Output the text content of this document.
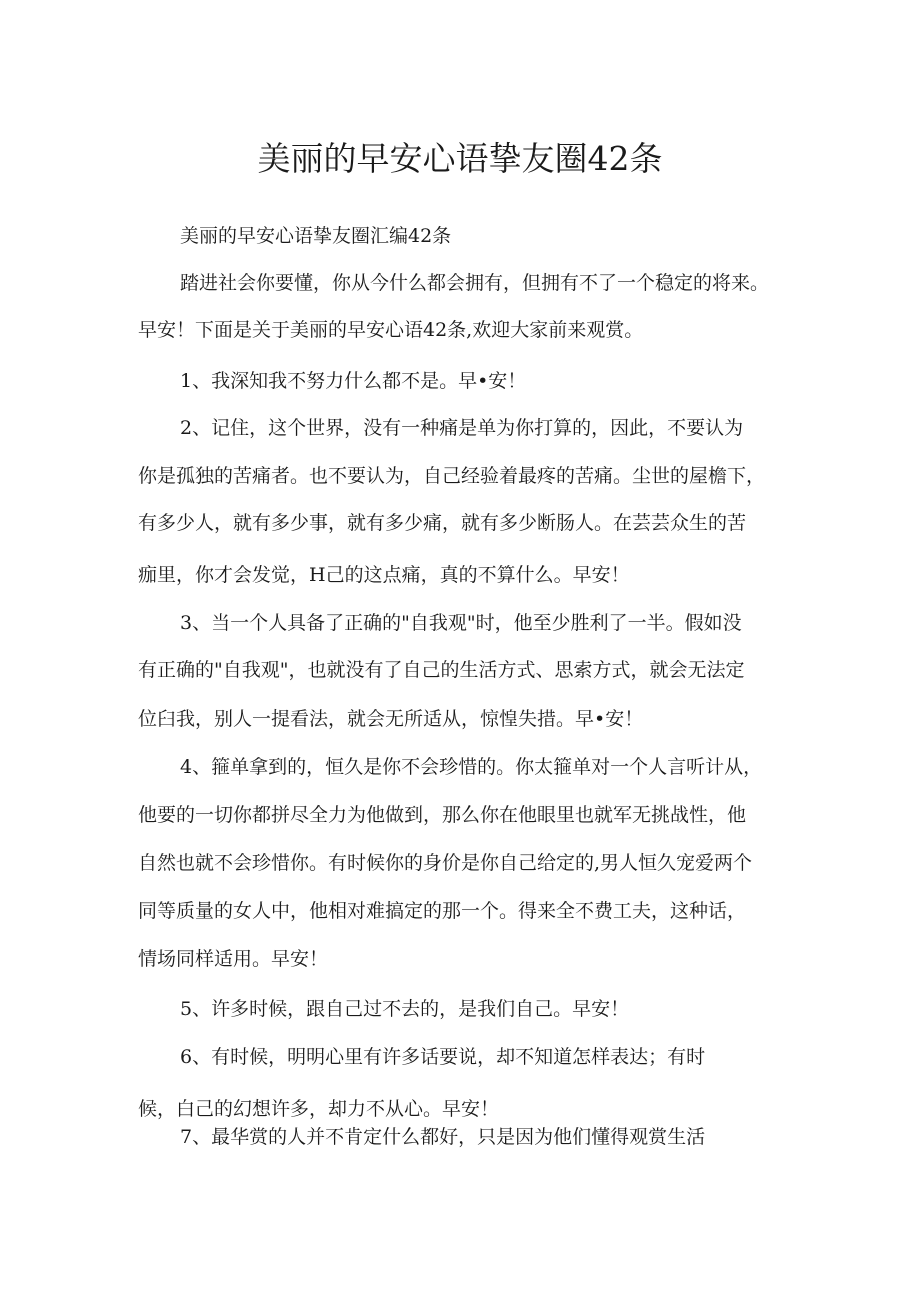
美丽的早安心语挚友圈42条
美丽的早安心语挚友圈汇编42条
踏进社会你要懂，你从今什么都会拥有，但拥有不了一个稳定的将来。
早安！下面是关于美丽的早安心语42条,欢迎大家前来观赏。
1、我深知我不努力什么都不是。早•安！
2、记住，这个世界，没有一种痛是单为你打算的，因此，不要认为
你是孤独的苦痛者。也不要认为，自己经验着最疼的苦痛。尘世的屋檐下，
有多少人，就有多少事，就有多少痛，就有多少断肠人。在芸芸众生的苦
痂里，你才会发觉，H己的这点痛，真的不算什么。早安！
3、当一个人具备了正确的"自我观"时，他至少胜利了一半。假如没
有正确的"自我观"，也就没有了自己的生活方式、思索方式，就会无法定
位臼我，别人一提看法，就会无所适从，惊惶失措。早•安！
4、箍单拿到的，恒久是你不会珍惜的。你太箍单对一个人言听计从，
他要的一切你都拼尽全力为他做到，那么你在他眼里也就军无挑战性，他
自然也就不会珍惜你。有时候你的身价是你自己给定的,男人恒久宠爱两个
同等质量的女人中，他相对难搞定的那一个。得来全不费工夫，这种话，
情场同样适用。早安！
5、许多时候，跟自己过不去的，是我们自己。早安！
6、有时候，明明心里有许多话要说，却不知道怎样表达；有时
候，白己的幻想许多，却力不从心。早安！
7、最华赏的人并不肯定什么都好，只是因为他们懂得观赏生活
